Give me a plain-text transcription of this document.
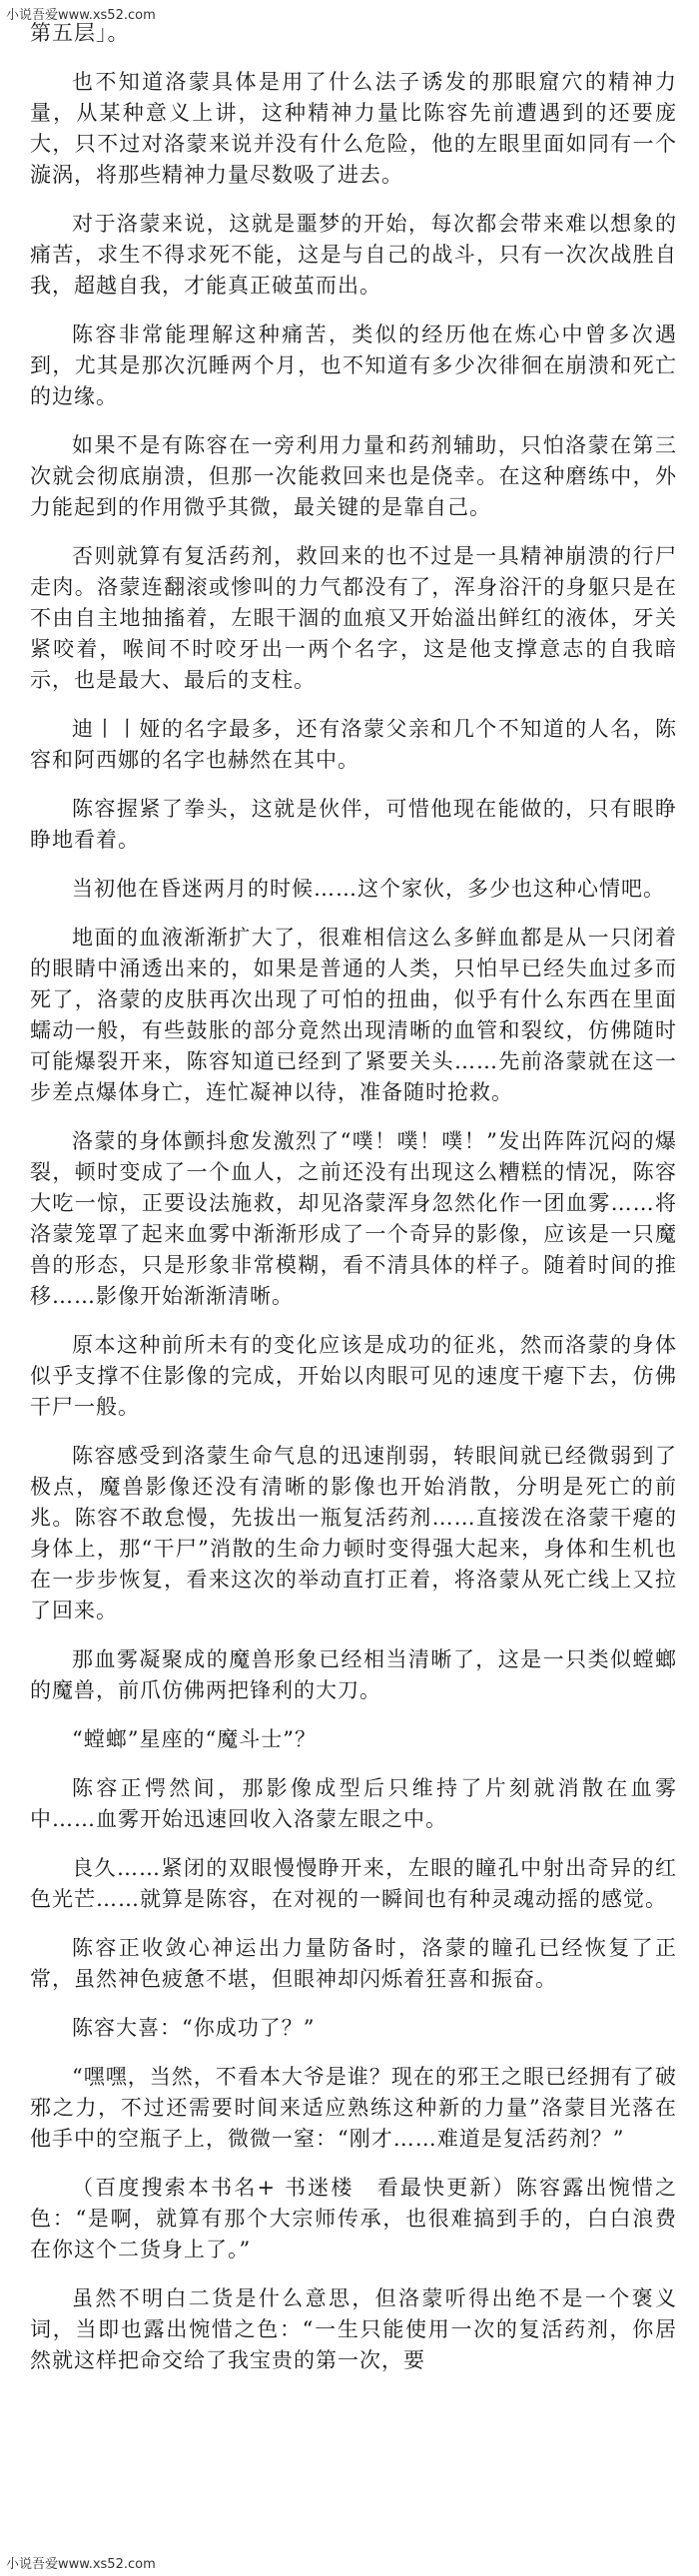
小说吾爱www.xs52.com

第五层」。

也不知道洛蒙具体是用了什么法子诱发的那眼窟穴的精神力量，从某种意义上讲，这种精神力量比陈容先前遭遇到的还要庞大，只不过对洛蒙来说并没有什么危险，他的左眼里面如同有一个漩涡，将那些精神力量尽数吸了进去。

对于洛蒙来说，这就是噩梦的开始，每次都会带来难以想象的痛苦，求生不得求死不能，这是与自己的战斗，只有一次次战胜自我，超越自我，才能真正破茧而出。

陈容非常能理解这种痛苦，类似的经历他在炼心中曾多次遇到，尤其是那次沉睡两个月，也不知道有多少次徘徊在崩溃和死亡的边缘。

如果不是有陈容在一旁利用力量和药剂辅助，只怕洛蒙在第三次就会彻底崩溃，但那一次能救回来也是侥幸。在这种磨练中，外力能起到的作用微乎其微，最关键的是靠自己。

否则就算有复活药剂，救回来的也不过是一具精神崩溃的行尸走肉。洛蒙连翻滚或惨叫的力气都没有了，浑身浴汗的身躯只是在不由自主地抽搐着，左眼干涸的血痕又开始溢出鲜红的液体，牙关紧咬着，喉间不时咬牙出一两个名字，这是他支撑意志的自我暗示，也是最大、最后的支柱。

迪丨丨娅的名字最多，还有洛蒙父亲和几个不知道的人名，陈容和阿西娜的名字也赫然在其中。

陈容握紧了拳头，这就是伙伴，可惜他现在能做的，只有眼睁睁地看着。

当初他在昏迷两月的时候……这个家伙，多少也这种心情吧。

地面的血液渐渐扩大了，很难相信这么多鲜血都是从一只闭着的眼睛中涌透出来的，如果是普通的人类，只怕早已经失血过多而死了，洛蒙的皮肤再次出现了可怕的扭曲，似乎有什么东西在里面蠕动一般，有些鼓胀的部分竟然出现清晰的血管和裂纹，仿佛随时可能爆裂开来，陈容知道已经到了紧要关头……先前洛蒙就在这一步差点爆体身亡，连忙凝神以待，准备随时抢救。

洛蒙的身体颤抖愈发激烈了“噗！噗！噗！”发出阵阵沉闷的爆裂，顿时变成了一个血人，之前还没有出现这么糟糕的情况，陈容大吃一惊，正要设法施救，却见洛蒙浑身忽然化作一团血雾……将洛蒙笼罩了起来血雾中渐渐形成了一个奇异的影像，应该是一只魔兽的形态，只是形象非常模糊，看不清具体的样子。随着时间的推移……影像开始渐渐清晰。

原本这种前所未有的变化应该是成功的征兆，然而洛蒙的身体似乎支撑不住影像的完成，开始以肉眼可见的速度干瘪下去，仿佛干尸一般。

陈容感受到洛蒙生命气息的迅速削弱，转眼间就已经微弱到了极点，魔兽影像还没有清晰的影像也开始消散，分明是死亡的前兆。陈容不敢怠慢，先拔出一瓶复活药剂……直接泼在洛蒙干瘪的身体上，那“干尸”消散的生命力顿时变得强大起来，身体和生机也在一步步恢复，看来这次的举动直打正着，将洛蒙从死亡线上又拉了回来。

那血雾凝聚成的魔兽形象已经相当清晰了，这是一只类似螳螂的魔兽，前爪仿佛两把锋利的大刀。

“螳螂”星座的“魔斗士”？

陈容正愕然间，那影像成型后只维持了片刻就消散在血雾中……血雾开始迅速回收入洛蒙左眼之中。

良久……紧闭的双眼慢慢睁开来，左眼的瞳孔中射出奇异的红色光芒……就算是陈容，在对视的一瞬间也有种灵魂动摇的感觉。

陈容正收敛心神运出力量防备时，洛蒙的瞳孔已经恢复了正常，虽然神色疲惫不堪，但眼神却闪烁着狂喜和振奋。

陈容大喜：“你成功了？”

“嘿嘿，当然，不看本大爷是谁？现在的邪王之眼已经拥有了破邪之力，不过还需要时间来适应熟练这种新的力量”洛蒙目光落在他手中的空瓶子上，微微一窒：“刚才……难道是复活药剂？”

（百度搜索本书名+ 书迷楼　看最快更新）陈容露出惋惜之色：“是啊，就算有那个大宗师传承，也很难搞到手的，白白浪费在你这个二货身上了。”

虽然不明白二货是什么意思，但洛蒙听得出绝不是一个褒义词，当即也露出惋惜之色：“一生只能使用一次的复活药剂，你居然就这样把命交给了我宝贵的第一次，要

小说吾爱www.xs52.com
